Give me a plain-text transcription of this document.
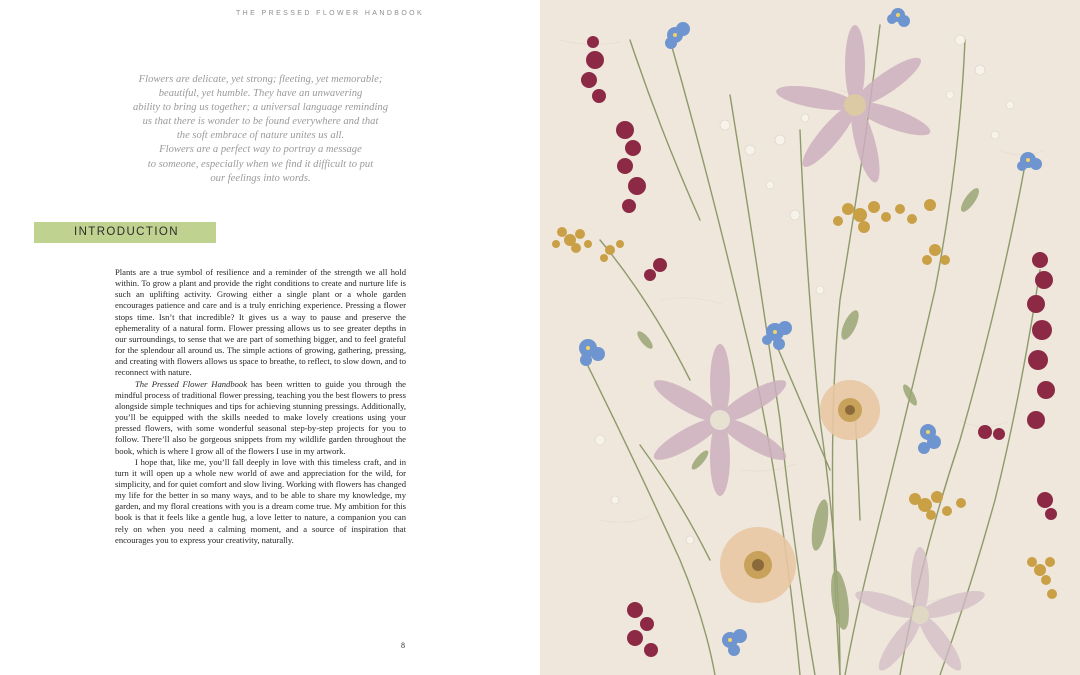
THE PRESSED FLOWER HANDBOOK
Flowers are delicate, yet strong; fleeting, yet memorable;
beautiful, yet humble. They have an unwavering
ability to bring us together; a universal language reminding
us that there is wonder to be found everywhere and that
the soft embrace of nature unites us all.
Flowers are a perfect way to portray a message
to someone, especially when we find it difficult to put
our feelings into words.
INTRODUCTION

Plants are a true symbol of resilience and a reminder of the strength we all hold within. To grow a plant and provide the right conditions to create and nurture life is such an uplifting activity. Growing either a single plant or a whole garden encourages patience and care and is a truly enriching experience. Pressing a flower stops time. Isn’t that incredible? It gives us a way to pause and preserve the ephemerality of a natural form. Flower pressing allows us to see greater depths in our surroundings, to sense that we are part of something bigger, and to feel grateful for the splendour all around us. The simple actions of growing, gathering, pressing, and creating with flowers allows us space to breathe, to reflect, to slow down, and to reconnect with nature.

The Pressed Flower Handbook has been written to guide you through the mindful process of traditional flower pressing, teaching you the best flowers to press alongside simple techniques and tips for achieving stunning pressings. Additionally, you’ll be equipped with the skills needed to make lovely creations using your pressed flowers, with some wonderful seasonal step-by-step projects for you to follow. There’ll also be gorgeous snippets from my wildlife garden throughout the book, which is where I grow all of the flowers I use in my artwork.

I hope that, like me, you’ll fall deeply in love with this timeless craft, and in turn it will open up a whole new world of awe and appreciation for the wild, for simplicity, and for quiet comfort and slow living. Working with flowers has changed my life for the better in so many ways, and to be able to share my knowledge, my garden, and my floral creations with you is a dream come true. My ambition for this book is that it feels like a gentle hug, a love letter to nature, a companion you can rely on when you need a calming moment, and a source of inspiration that encourages you to express your creativity, naturally.

8
